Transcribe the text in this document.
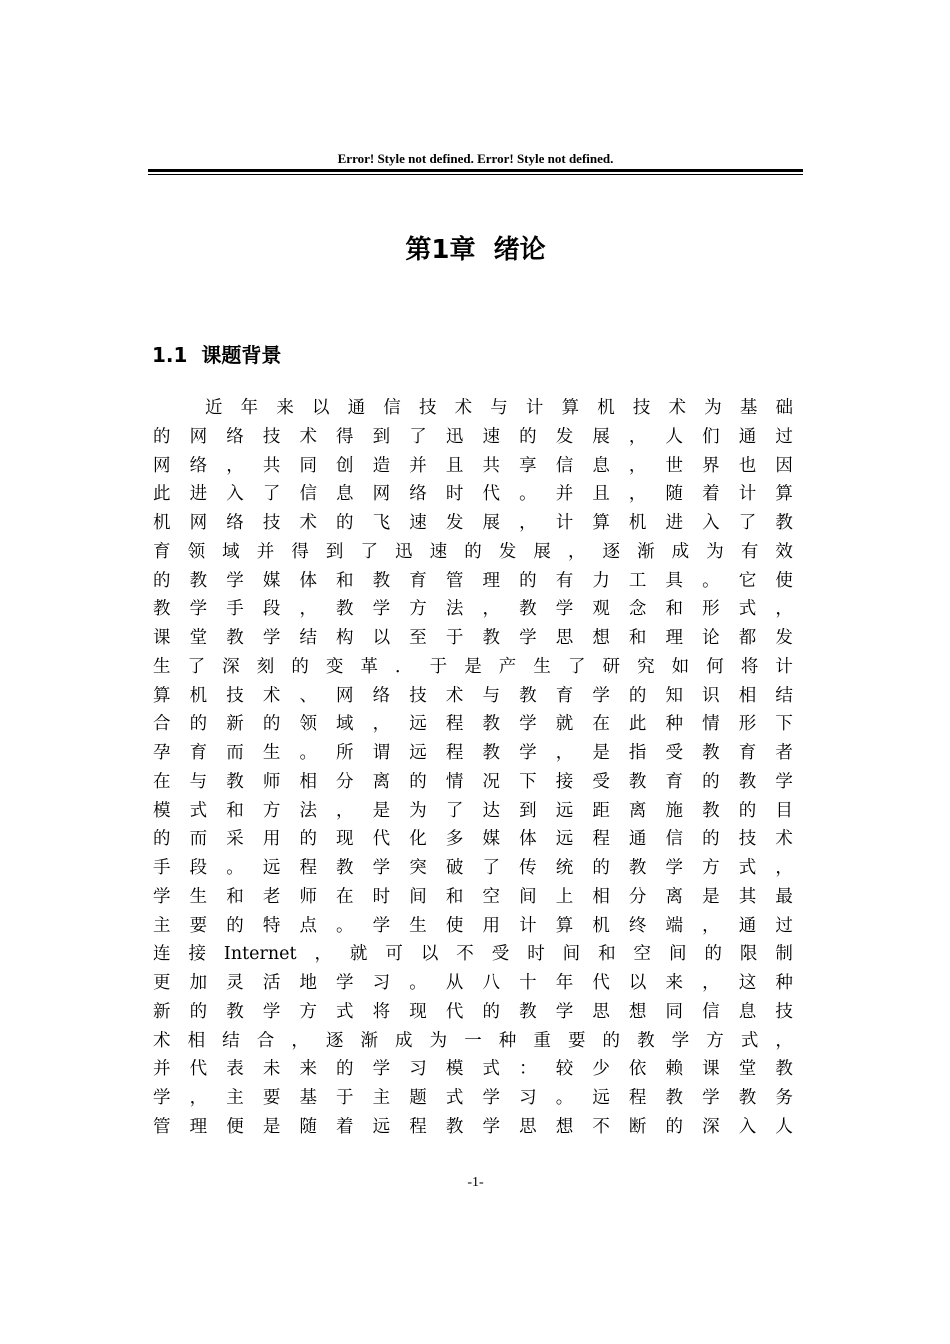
Error! Style not defined. Error! Style not defined.
第1章  绪论
1.1  课题背景
近 年 来 以 通 信 技 术 与 计 算 机 技 术 为 基 础
的 网 络 技 术 得 到 了 迅 速 的 发 展 ， 人 们 通 过
网 络 ， 共 同 创 造 并 且 共 享 信 息 ， 世 界 也 因
此 进 入 了 信 息 网 络 时 代 。 并 且 ， 随 着 计 算
机 网 络 技 术 的 飞 速 发 展 ， 计 算 机 进 入 了 教
育 领 域 并 得 到 了 迅 速 的 发 展 ， 逐 渐 成 为 有 效
的 教 学 媒 体 和 教 育 管 理 的 有 力 工 具 。 它 使
教 学 手 段 ， 教 学 方 法 ， 教 学 观 念 和 形 式 ，
课 堂 教 学 结 构 以 至 于 教 学 思 想 和 理 论 都 发
生 了 深 刻 的 变 革 ． 于 是 产 生 了 研 究 如 何 将 计
算 机 技 术 、 网 络 技 术 与 教 育 学 的 知 识 相 结
合 的 新 的 领 域 ， 远 程 教 学 就 在 此 种 情 形 下
孕 育 而 生 。 所 谓 远 程 教 学 ， 是 指 受 教 育 者
在 与 教 师 相 分 离 的 情 况 下 接 受 教 育 的 教 学
模 式 和 方 法 ， 是 为 了 达 到 远 距 离 施 教 的 目
的 而 采 用 的 现 代 化 多 媒 体 远 程 通 信 的 技 术
手 段 。 远 程 教 学 突 破 了 传 统 的 教 学 方 式 ，
学 生 和 老 师 在 时 间 和 空 间 上 相 分 离 是 其 最
主 要 的 特 点 。 学 生 使 用 计 算 机 终 端 ， 通 过
连 接 Internet ， 就 可 以 不 受 时 间 和 空 间 的 限 制
更 加 灵 活 地 学 习 。 从 八 十 年 代 以 来 ， 这 种
新 的 教 学 方 式 将 现 代 的 教 学 思 想 同 信 息 技
术 相 结 合 ， 逐 渐 成 为 一 种 重 要 的 教 学 方 式 ，
并 代 表 未 来 的 学 习 模 式 ： 较 少 依 赖 课 堂 教
学 ， 主 要 基 于 主 题 式 学 习 。 远 程 教 学 教 务
管 理 便 是 随 着 远 程 教 学 思 想 不 断 的 深 入 人
-1-
